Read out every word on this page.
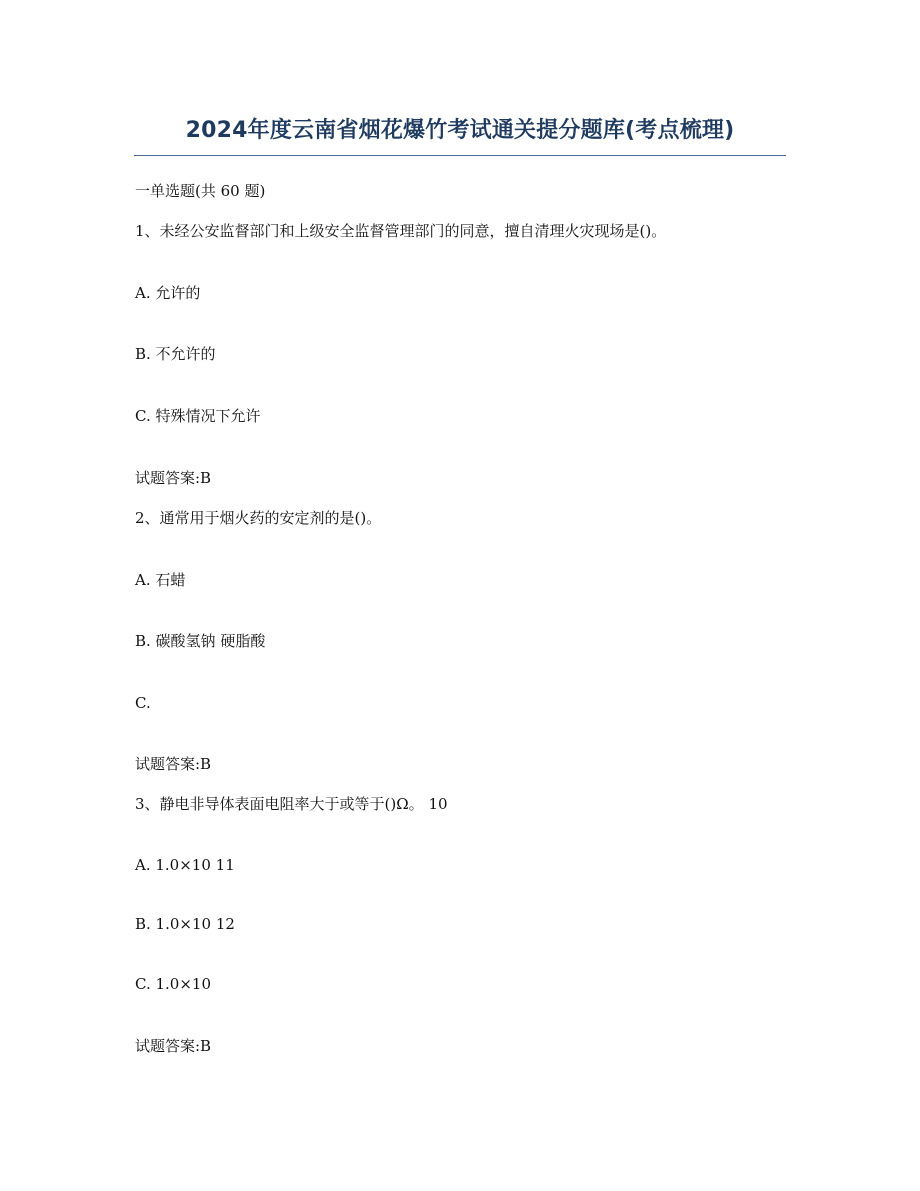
2024年度云南省烟花爆竹考试通关提分题库(考点梳理)

一单选题(共 60 题)

1、未经公安监督部门和上级安全监督管理部门的同意，擅自清理火灾现场是()。

A. 允许的

B. 不允许的

C. 特殊情况下允许

试题答案:B

2、通常用于烟火药的安定剂的是()。

A. 石蜡

B. 碳酸氢钠 硬脂酸

C.

试题答案:B

3、静电非导体表面电阻率大于或等于()Ω。 10

A. 1.0×10 11

B. 1.0×10 12

C. 1.0×10

试题答案:B
